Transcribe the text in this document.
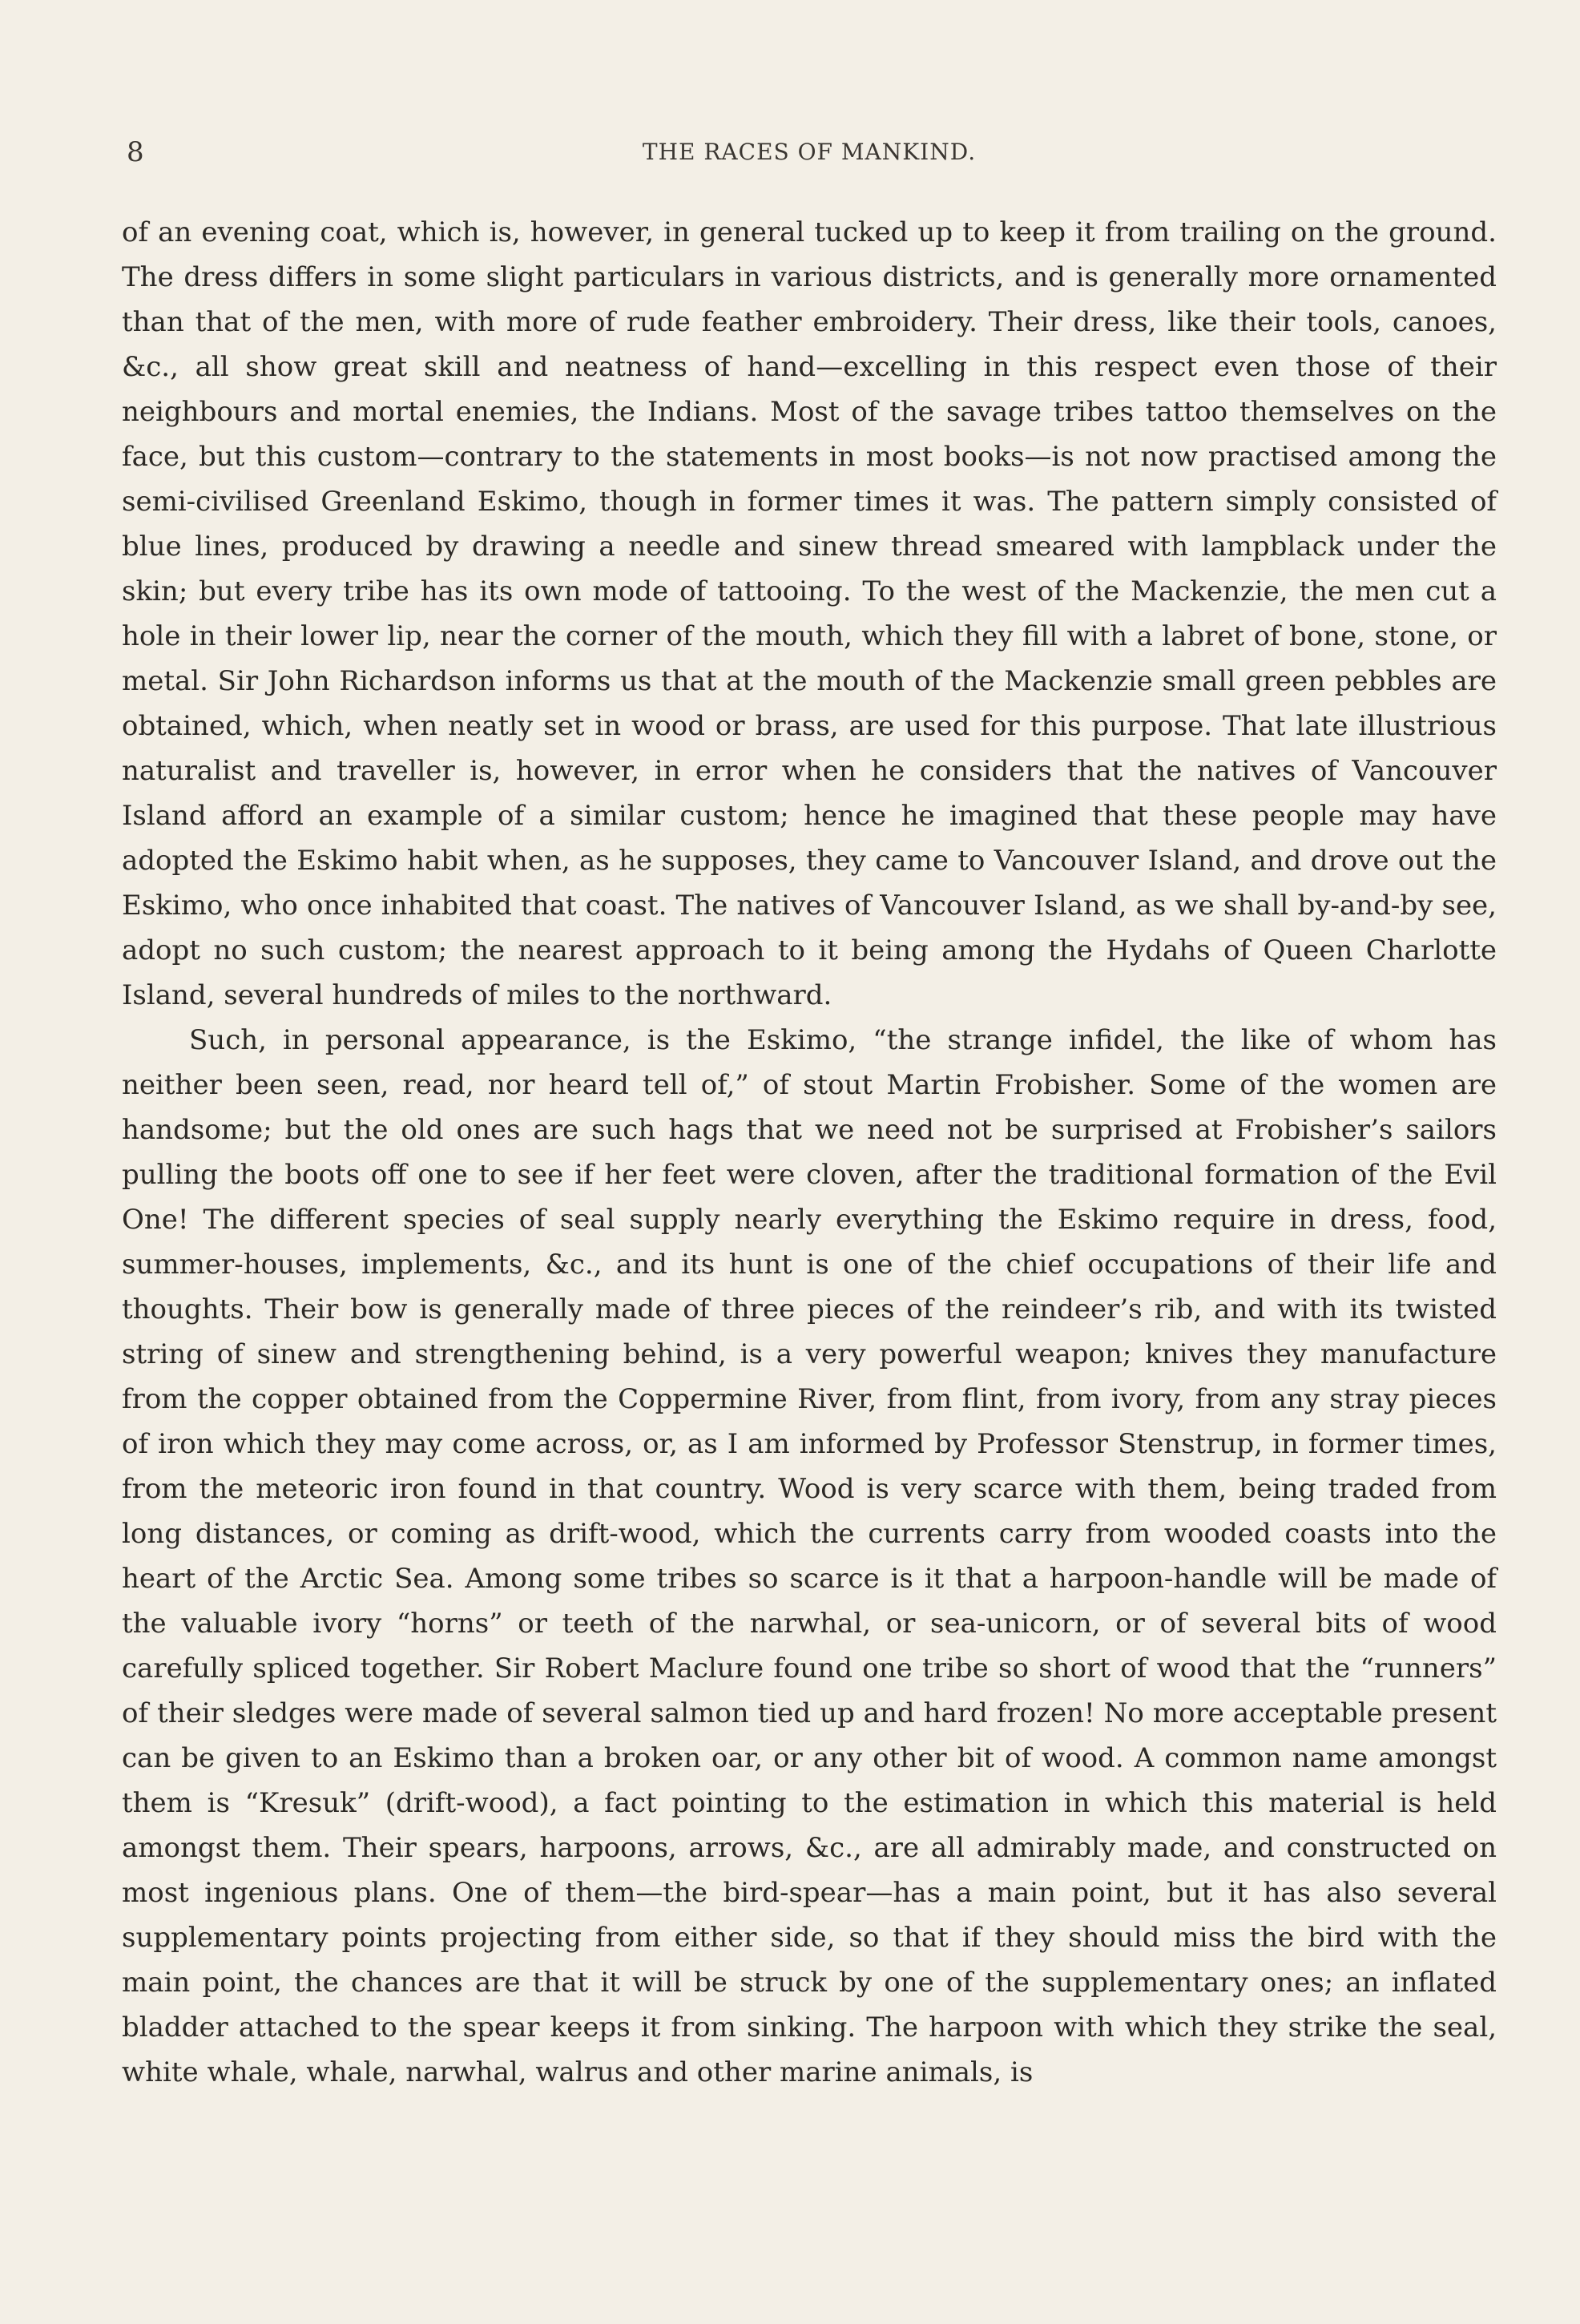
8	THE RACES OF MANKIND.

of an evening coat, which is, however, in general tucked up to keep it from trailing on the ground. The dress differs in some slight particulars in various districts, and is generally more ornamented than that of the men, with more of rude feather embroidery. Their dress, like their tools, canoes, &c., all show great skill and neatness of hand—excelling in this respect even those of their neighbours and mortal enemies, the Indians. Most of the savage tribes tattoo themselves on the face, but this custom—contrary to the statements in most books—is not now practised among the semi-civilised Greenland Eskimo, though in former times it was. The pattern simply consisted of blue lines, produced by drawing a needle and sinew thread smeared with lampblack under the skin; but every tribe has its own mode of tattooing. To the west of the Mackenzie, the men cut a hole in their lower lip, near the corner of the mouth, which they fill with a labret of bone, stone, or metal. Sir John Richardson informs us that at the mouth of the Mackenzie small green pebbles are obtained, which, when neatly set in wood or brass, are used for this purpose. That late illustrious naturalist and traveller is, however, in error when he considers that the natives of Vancouver Island afford an example of a similar custom; hence he imagined that these people may have adopted the Eskimo habit when, as he supposes, they came to Vancouver Island, and drove out the Eskimo, who once inhabited that coast. The natives of Vancouver Island, as we shall by-and-by see, adopt no such custom; the nearest approach to it being among the Hydahs of Queen Charlotte Island, several hundreds of miles to the northward.

Such, in personal appearance, is the Eskimo, “the strange infidel, the like of whom has neither been seen, read, nor heard tell of,” of stout Martin Frobisher. Some of the women are handsome; but the old ones are such hags that we need not be surprised at Frobisher’s sailors pulling the boots off one to see if her feet were cloven, after the traditional formation of the Evil One! The different species of seal supply nearly everything the Eskimo require in dress, food, summer-houses, implements, &c., and its hunt is one of the chief occupations of their life and thoughts. Their bow is generally made of three pieces of the reindeer’s rib, and with its twisted string of sinew and strengthening behind, is a very powerful weapon; knives they manufacture from the copper obtained from the Coppermine River, from flint, from ivory, from any stray pieces of iron which they may come across, or, as I am informed by Professor Stenstrup, in former times, from the meteoric iron found in that country. Wood is very scarce with them, being traded from long distances, or coming as drift-wood, which the currents carry from wooded coasts into the heart of the Arctic Sea. Among some tribes so scarce is it that a harpoon-handle will be made of the valuable ivory “horns” or teeth of the narwhal, or sea-unicorn, or of several bits of wood carefully spliced together. Sir Robert Maclure found one tribe so short of wood that the “runners” of their sledges were made of several salmon tied up and hard frozen! No more acceptable present can be given to an Eskimo than a broken oar, or any other bit of wood. A common name amongst them is “Kresuk” (drift-wood), a fact pointing to the estimation in which this material is held amongst them. Their spears, harpoons, arrows, &c., are all admirably made, and constructed on most ingenious plans. One of them—the bird-spear—has a main point, but it has also several supplementary points projecting from either side, so that if they should miss the bird with the main point, the chances are that it will be struck by one of the supplementary ones; an inflated bladder attached to the spear keeps it from sinking. The harpoon with which they strike the seal, white whale, whale, narwhal, walrus and other marine animals, is
